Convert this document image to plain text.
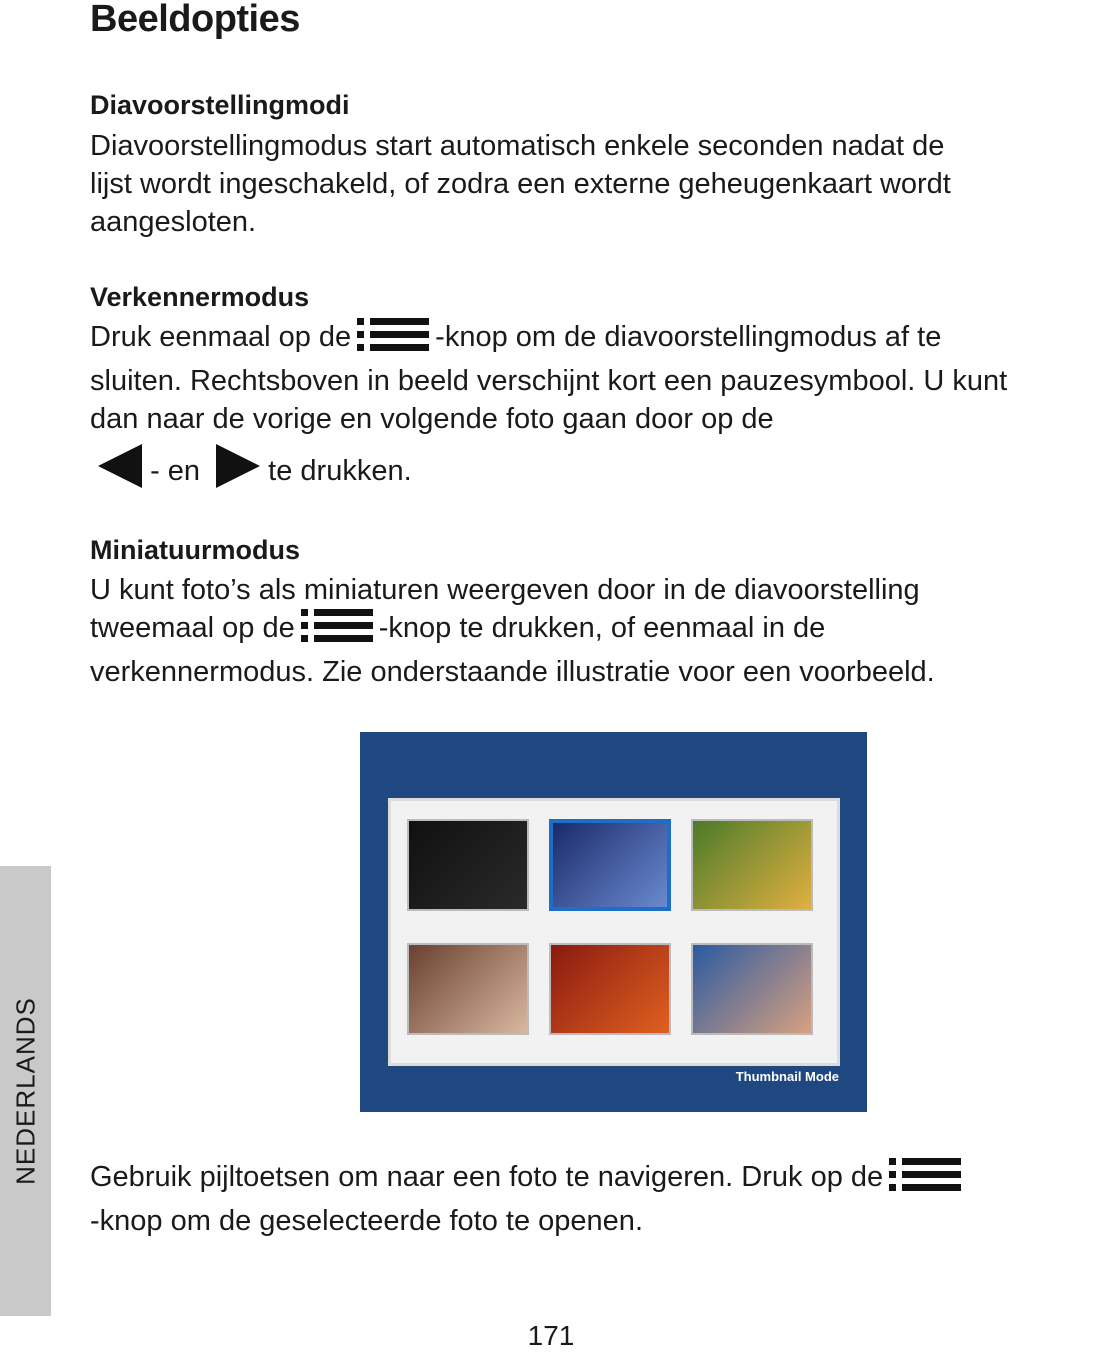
NEDERLANDS
Beeldopties
Diavoorstellingmodi
Diavoorstellingmodus start automatisch enkele seconden nadat de
lijst wordt ingeschakeld, of zodra een externe geheugenkaart wordt
aangesloten.
Verkennermodus
Druk eenmaal op de	-knop om de diavoorstellingmodus af te
sluiten. Rechtsboven in beeld verschijnt kort een pauzesymbool. U kunt
dan naar de vorige en volgende foto gaan door op de
- en te drukken.
Miniatuurmodus
U kunt foto’s als miniaturen weergeven door in de diavoorstelling
tweemaal op de	-knop te drukken, of eenmaal in de
verkennermodus. Zie onderstaande illustratie voor een voorbeeld.
Gebruik pijltoetsen om naar een foto te navigeren. Druk op de
-knop om de geselecteerde foto te openen.
Thumbnail Mode
171
